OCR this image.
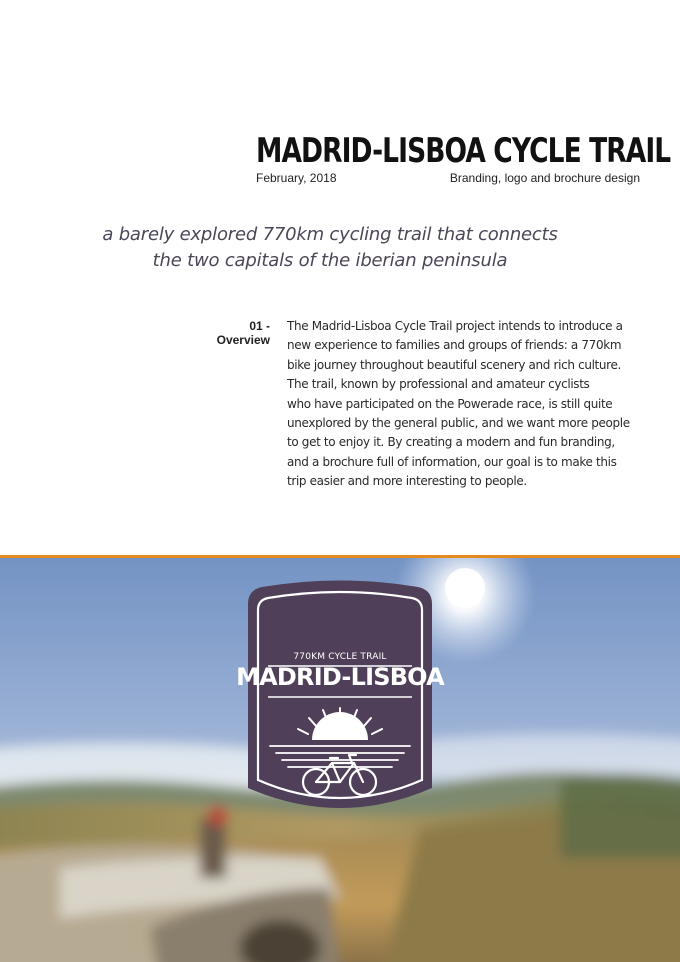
MADRID-LISBOA CYCLE TRAIL
February, 2018	Branding, logo and brochure design
a barely explored 770km cycling trail that connects
the two capitals of the iberian peninsula
01 -
Overview
The Madrid-Lisboa Cycle Trail project intends to introduce a
new experience to families and groups of friends: a 770km
bike journey throughout beautiful scenery and rich culture.
The trail, known by professional and amateur cyclists
who have participated on the Powerade race, is still quite
unexplored by the general public, and we want more people
to get to enjoy it. By creating a modern and fun branding,
and a brochure full of information, our goal is to make this
trip easier and more interesting to people.
770KM CYCLE TRAIL
MADRID-LISBOA
